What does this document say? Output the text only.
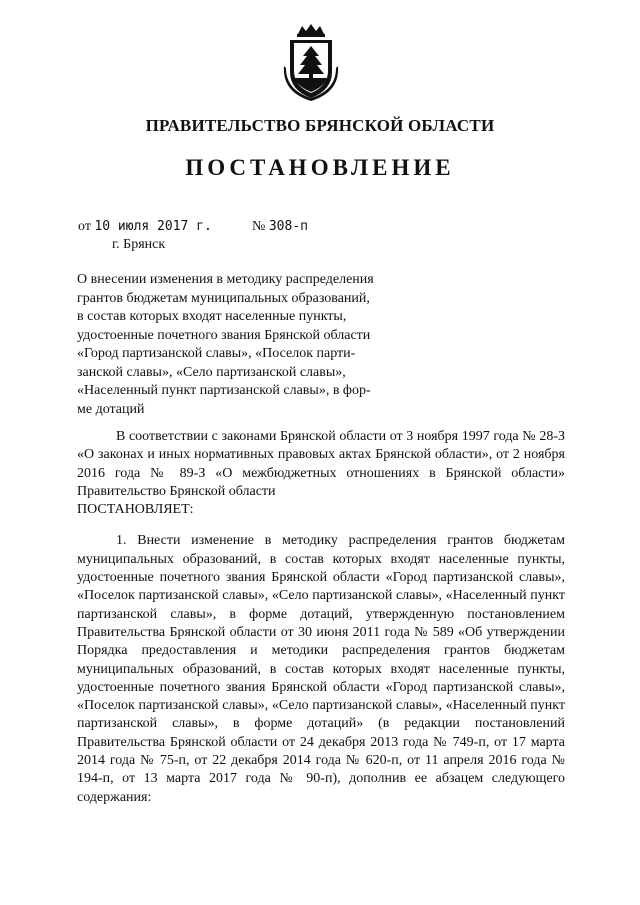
ПРАВИТЕЛЬСТВО БРЯНСКОЙ ОБЛАСТИ
ПОСТАНОВЛЕНИЕ
от 10 июля 2017 г.	№ 308-п
г. Брянск

О внесении изменения в методику распределения

грантов бюджетам муниципальных образований,

в состав которых входят населенные пункты,

удостоенные почетного звания Брянской области

«Город партизанской славы», «Поселок парти-

занской славы», «Село партизанской славы»,

«Населенный пункт партизанской славы», в фор-

ме дотаций

В соответствии с законами Брянской области от 3 ноября 1997 года № 28-З «О законах и иных нормативных правовых актах Брянской области», от 2 ноября 2016 года № 89-З «О межбюджетных отношениях в Брянской области» Правительство Брянской области

ПОСТАНОВЛЯЕТ:

1. Внести изменение в методику распределения грантов бюджетам муниципальных образований, в состав которых входят населенные пункты, удостоенные почетного звания Брянской области «Город партизанской славы», «Поселок партизанской славы», «Село партизанской славы», «Населенный пункт партизанской славы», в форме дотаций, утвержденную постановлением Правительства Брянской области от 30 июня 2011 года № 589 «Об утверждении Порядка предоставления и методики распределения грантов бюджетам муниципальных образований, в состав которых входят населенные пункты, удостоенные почетного звания Брянской области «Город партизанской славы», «Поселок партизанской славы», «Село партизанской славы», «Населенный пункт партизанской славы», в форме дотаций» (в редакции постановлений Правительства Брянской области от 24 декабря 2013 года № 749-п, от 17 марта 2014 года № 75-п, от 22 декабря 2014 года № 620-п, от 11 апреля 2016 года № 194-п, от 13 марта 2017 года № 90-п), дополнив ее абзацем следующего содержания:
